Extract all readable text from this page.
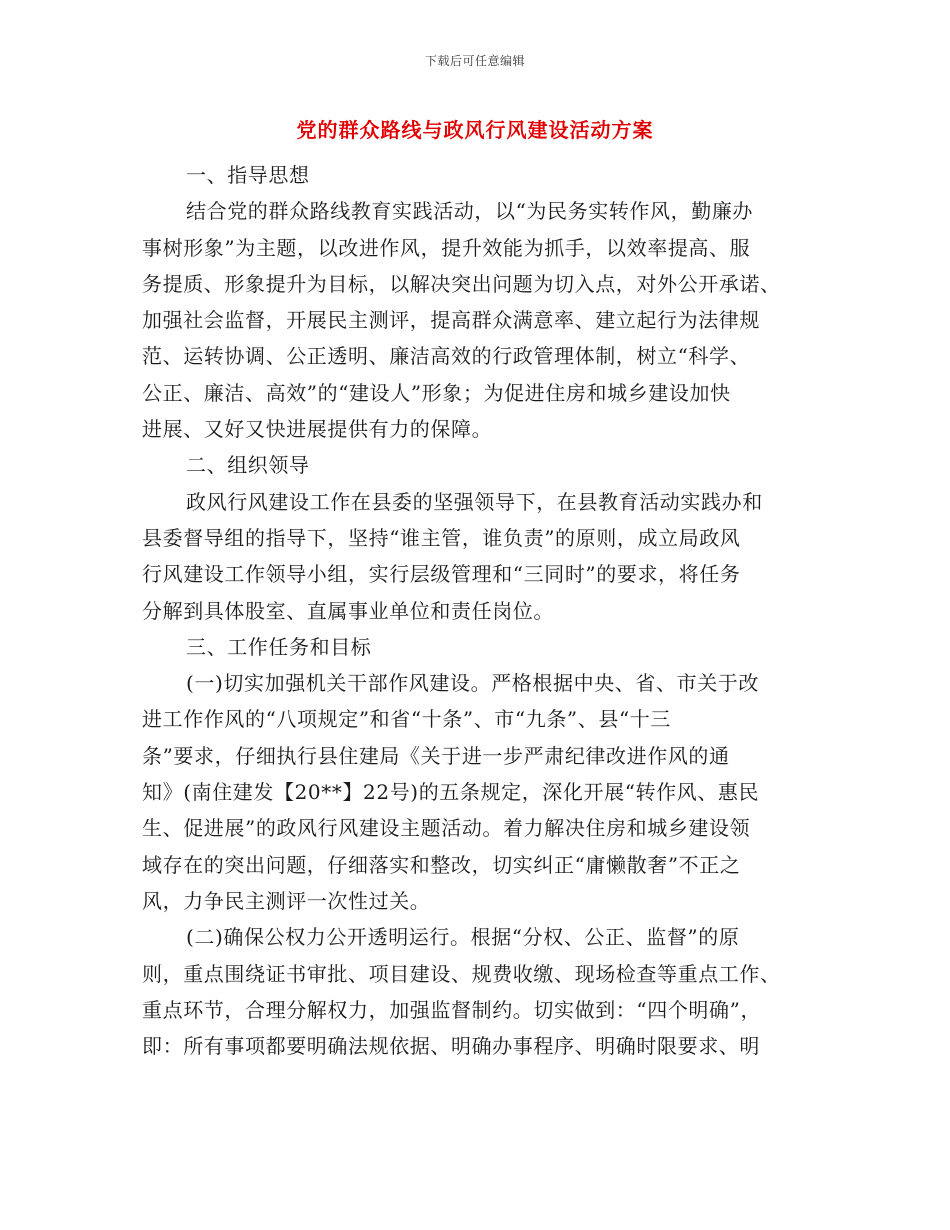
下载后可任意编辑
党的群众路线与政风行风建设活动方案
一、指导思想
结合党的群众路线教育实践活动，以“为民务实转作风，勤廉办
事树形象”为主题，以改进作风，提升效能为抓手，以效率提高、服
务提质、形象提升为目标，以解决突出问题为切入点，对外公开承诺、
加强社会监督，开展民主测评，提高群众满意率、建立起行为法律规
范、运转协调、公正透明、廉洁高效的行政管理体制，树立“科学、
公正、廉洁、高效”的“建设人”形象；为促进住房和城乡建设加快
进展、又好又快进展提供有力的保障。
二、组织领导
政风行风建设工作在县委的坚强领导下，在县教育活动实践办和
县委督导组的指导下，坚持“谁主管，谁负责”的原则，成立局政风
行风建设工作领导小组，实行层级管理和“三同时”的要求，将任务
分解到具体股室、直属事业单位和责任岗位。
三、工作任务和目标
(一)切实加强机关干部作风建设。严格根据中央、省、市关于改
进工作作风的“八项规定”和省“十条”、市“九条”、县“十三
条”要求，仔细执行县住建局《关于进一步严肃纪律改进作风的通
知》(南住建发【20**】22号)的五条规定，深化开展“转作风、惠民
生、促进展”的政风行风建设主题活动。着力解决住房和城乡建设领
域存在的突出问题，仔细落实和整改，切实纠正“庸懒散奢”不正之
风，力争民主测评一次性过关。
(二)确保公权力公开透明运行。根据“分权、公正、监督”的原
则，重点围绕证书审批、项目建设、规费收缴、现场检查等重点工作、
重点环节，合理分解权力，加强监督制约。切实做到：“四个明确”，
即：所有事项都要明确法规依据、明确办事程序、明确时限要求、明
